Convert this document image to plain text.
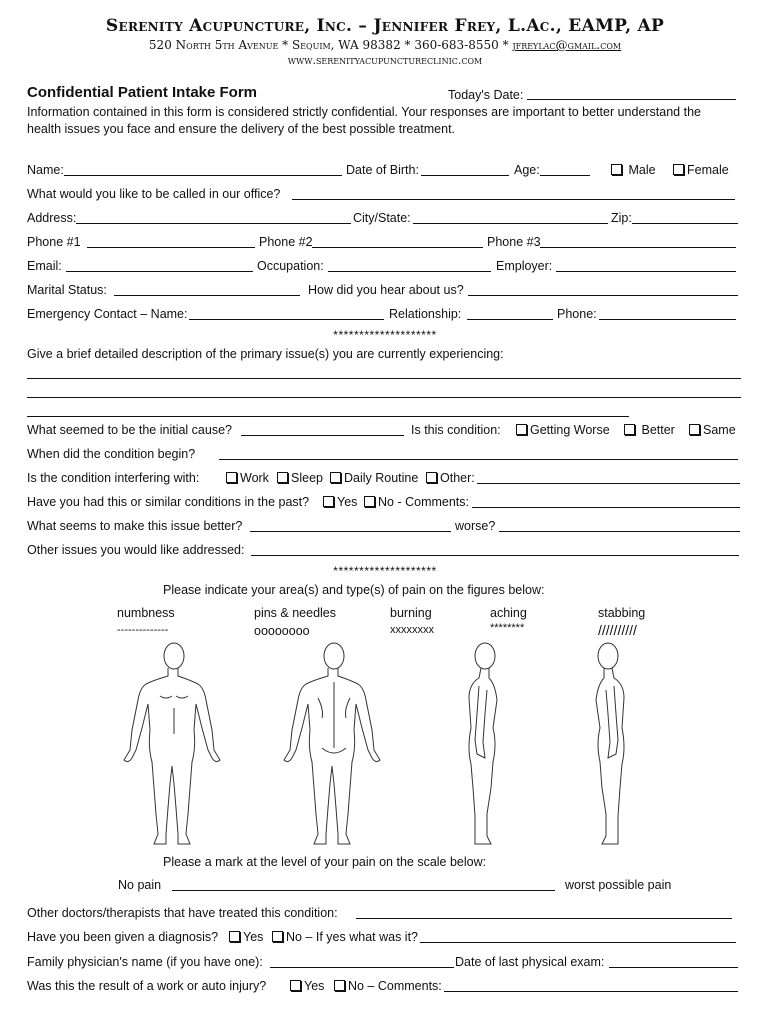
Serenity Acupuncture, Inc. – Jennifer Frey, L.Ac., EAMP, AP
520 North 5th Avenue * Sequim, WA 98382 * 360-683-8550 * jfreylac@gmail.com
www.serenityacupunctureclinic.com
Confidential Patient Intake Form	Today's Date:
Information contained in this form is considered strictly confidential. Your responses are important to better understand the
health issues you face and ensure the delivery of the best possible treatment.
Name:	Date of Birth:	Age:	Male	Female
What would you like to be called in our office?
Address:	City/State:	Zip:
Phone #1	Phone #2	Phone #3
Email:	Occupation:	Employer:
Marital Status:	How did you hear about us?
Emergency Contact – Name:	Relationship:	Phone:
********************
Give a brief detailed description of the primary issue(s) you are currently experiencing:
What seemed to be the initial cause?	Is this condition:	Getting Worse	Better	Same
When did the condition begin?
Is the condition interfering with:	Work	Sleep	Daily Routine	Other:
Have you had this or similar conditions in the past?	Yes	No - Comments:
What seems to make this issue better?	worse?
Other issues you would like addressed:
********************
Please indicate your area(s) and type(s) of pain on the figures below:
numbness
--------------
pins & needles
oooooooo
burning
xxxxxxxx
aching
********
stabbing
//////////
Please a mark at the level of your pain on the scale below:
No pain	worst possible pain
Other doctors/therapists that have treated this condition:
Have you been given a diagnosis?	Yes	No – If yes what was it?
Family physician's name (if you have one):	Date of last physical exam:
Was this the result of a work or auto injury?	Yes	No – Comments:
